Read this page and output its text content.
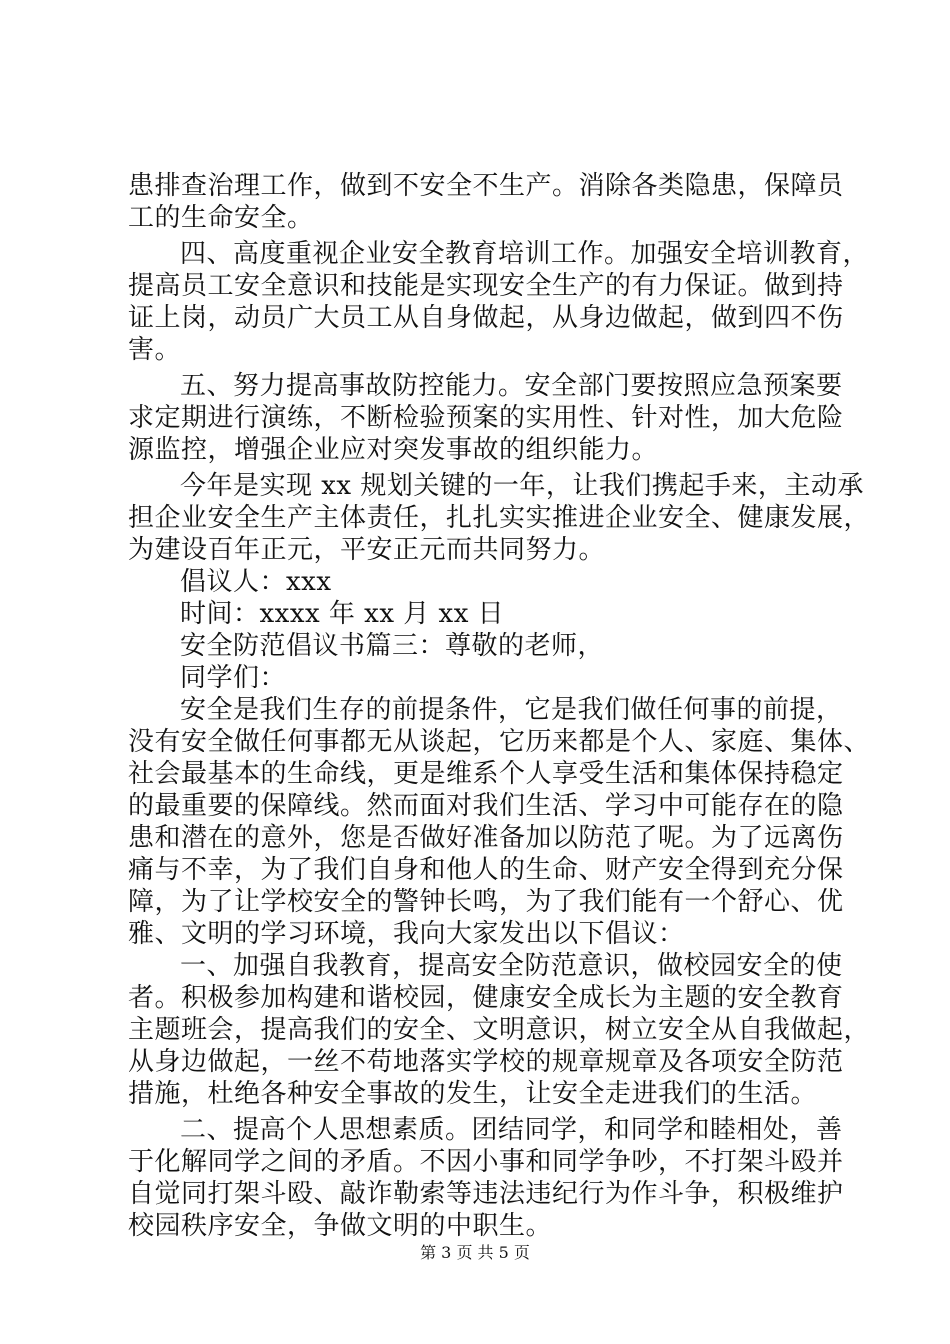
患排查治理工作，做到不安全不生产。消除各类隐患，保障员
工的生命安全。
四、高度重视企业安全教育培训工作。加强安全培训教育，
提高员工安全意识和技能是实现安全生产的有力保证。做到持
证上岗，动员广大员工从自身做起，从身边做起，做到四不伤
害。
五、努力提高事故防控能力。安全部门要按照应急预案要
求定期进行演练，不断检验预案的实用性、针对性，加大危险
源监控，增强企业应对突发事故的组织能力。
今年是实现 xx 规划关键的一年，让我们携起手来，主动承
担企业安全生产主体责任，扎扎实实推进企业安全、健康发展，
为建设百年正元，平安正元而共同努力。
倡议人：xxx
时间：xxxx 年 xx 月 xx 日
安全防范倡议书篇三：尊敬的老师，
同学们：
安全是我们生存的前提条件，它是我们做任何事的前提，
没有安全做任何事都无从谈起，它历来都是个人、家庭、集体、
社会最基本的生命线，更是维系个人享受生活和集体保持稳定
的最重要的保障线。然而面对我们生活、学习中可能存在的隐
患和潜在的意外，您是否做好准备加以防范了呢。为了远离伤
痛与不幸，为了我们自身和他人的生命、财产安全得到充分保
障，为了让学校安全的警钟长鸣，为了我们能有一个舒心、优
雅、文明的学习环境，我向大家发出以下倡议：
一、加强自我教育，提高安全防范意识，做校园安全的使
者。积极参加构建和谐校园，健康安全成长为主题的安全教育
主题班会，提高我们的安全、文明意识，树立安全从自我做起，
从身边做起，一丝不苟地落实学校的规章规章及各项安全防范
措施，杜绝各种安全事故的发生，让安全走进我们的生活。
二、提高个人思想素质。团结同学，和同学和睦相处，善
于化解同学之间的矛盾。不因小事和同学争吵，不打架斗殴并
自觉同打架斗殴、敲诈勒索等违法违纪行为作斗争，积极维护
校园秩序安全，争做文明的中职生。
第 3 页 共 5 页
